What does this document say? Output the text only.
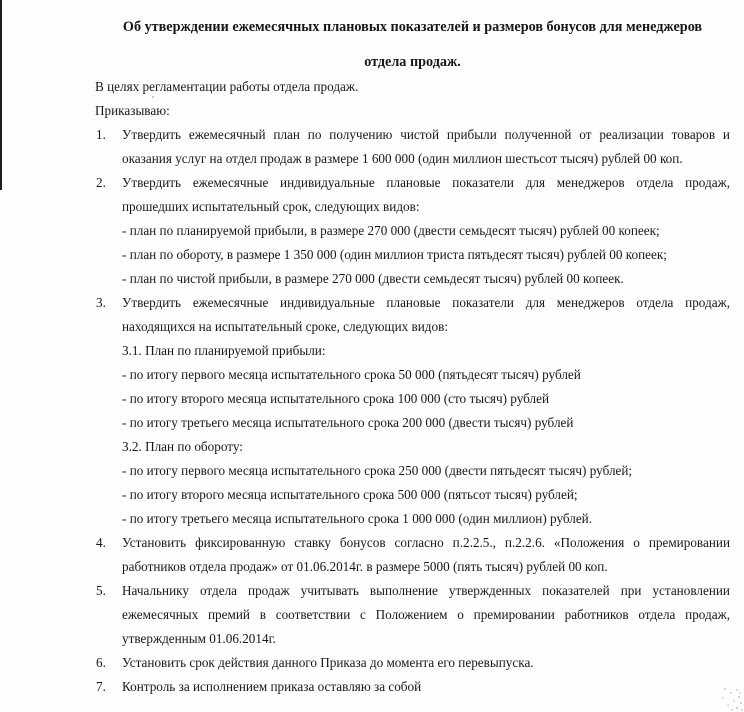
Об утверждении ежемесячных плановых показателей и размеров бонусов для менеджеров
отдела продаж.
В целях регламентации работы отдела продаж.
Приказываю:
1. Утвердить ежемесячный план по получению чистой прибыли полученной от реализации товаров и
оказания услуг на отдел продаж в размере 1 600 000 (один миллион шестьсот тысяч) рублей 00 коп.
2. Утвердить ежемесячные индивидуальные плановые показатели для менеджеров отдела продаж,
прошедших испытательный срок, следующих видов:
- план по планируемой прибыли, в размере 270 000 (двести семьдесят тысяч) рублей 00 копеек;
- план по обороту, в размере 1 350 000 (один миллион триста пятьдесят тысяч) рублей 00 копеек;
- план по чистой прибыли, в размере 270 000 (двести семьдесят тысяч) рублей 00 копеек.
3. Утвердить ежемесячные индивидуальные плановые показатели для менеджеров отдела продаж,
находящихся на испытательный сроке, следующих видов:
3.1. План по планируемой прибыли:
- по итогу первого месяца испытательного срока 50 000 (пятьдесят тысяч) рублей
- по итогу второго месяца испытательного срока 100 000 (сто тысяч) рублей
- по итогу третьего месяца испытательного срока 200 000 (двести тысяч) рублей
3.2. План по обороту:
- по итогу первого месяца испытательного срока 250 000 (двести пятьдесят тысяч) рублей;
- по итогу второго месяца испытательного срока 500 000 (пятьсот тысяч) рублей;
- по итогу третьего месяца испытательного срока 1 000 000 (один миллион) рублей.
4. Установить фиксированную ставку бонусов согласно п.2.2.5., п.2.2.6. «Положения о премировании
работников отдела продаж» от 01.06.2014г. в размере 5000 (пять тысяч) рублей 00 коп.
5. Начальнику отдела продаж учитывать выполнение утвержденных показателей при установлении
ежемесячных премий в соответствии с Положением о премировании работников отдела продаж,
утвержденным 01.06.2014г.
6. Установить срок действия данного Приказа до момента его перевыпуска.
7. Контроль за исполнением приказа оставляю за собой
